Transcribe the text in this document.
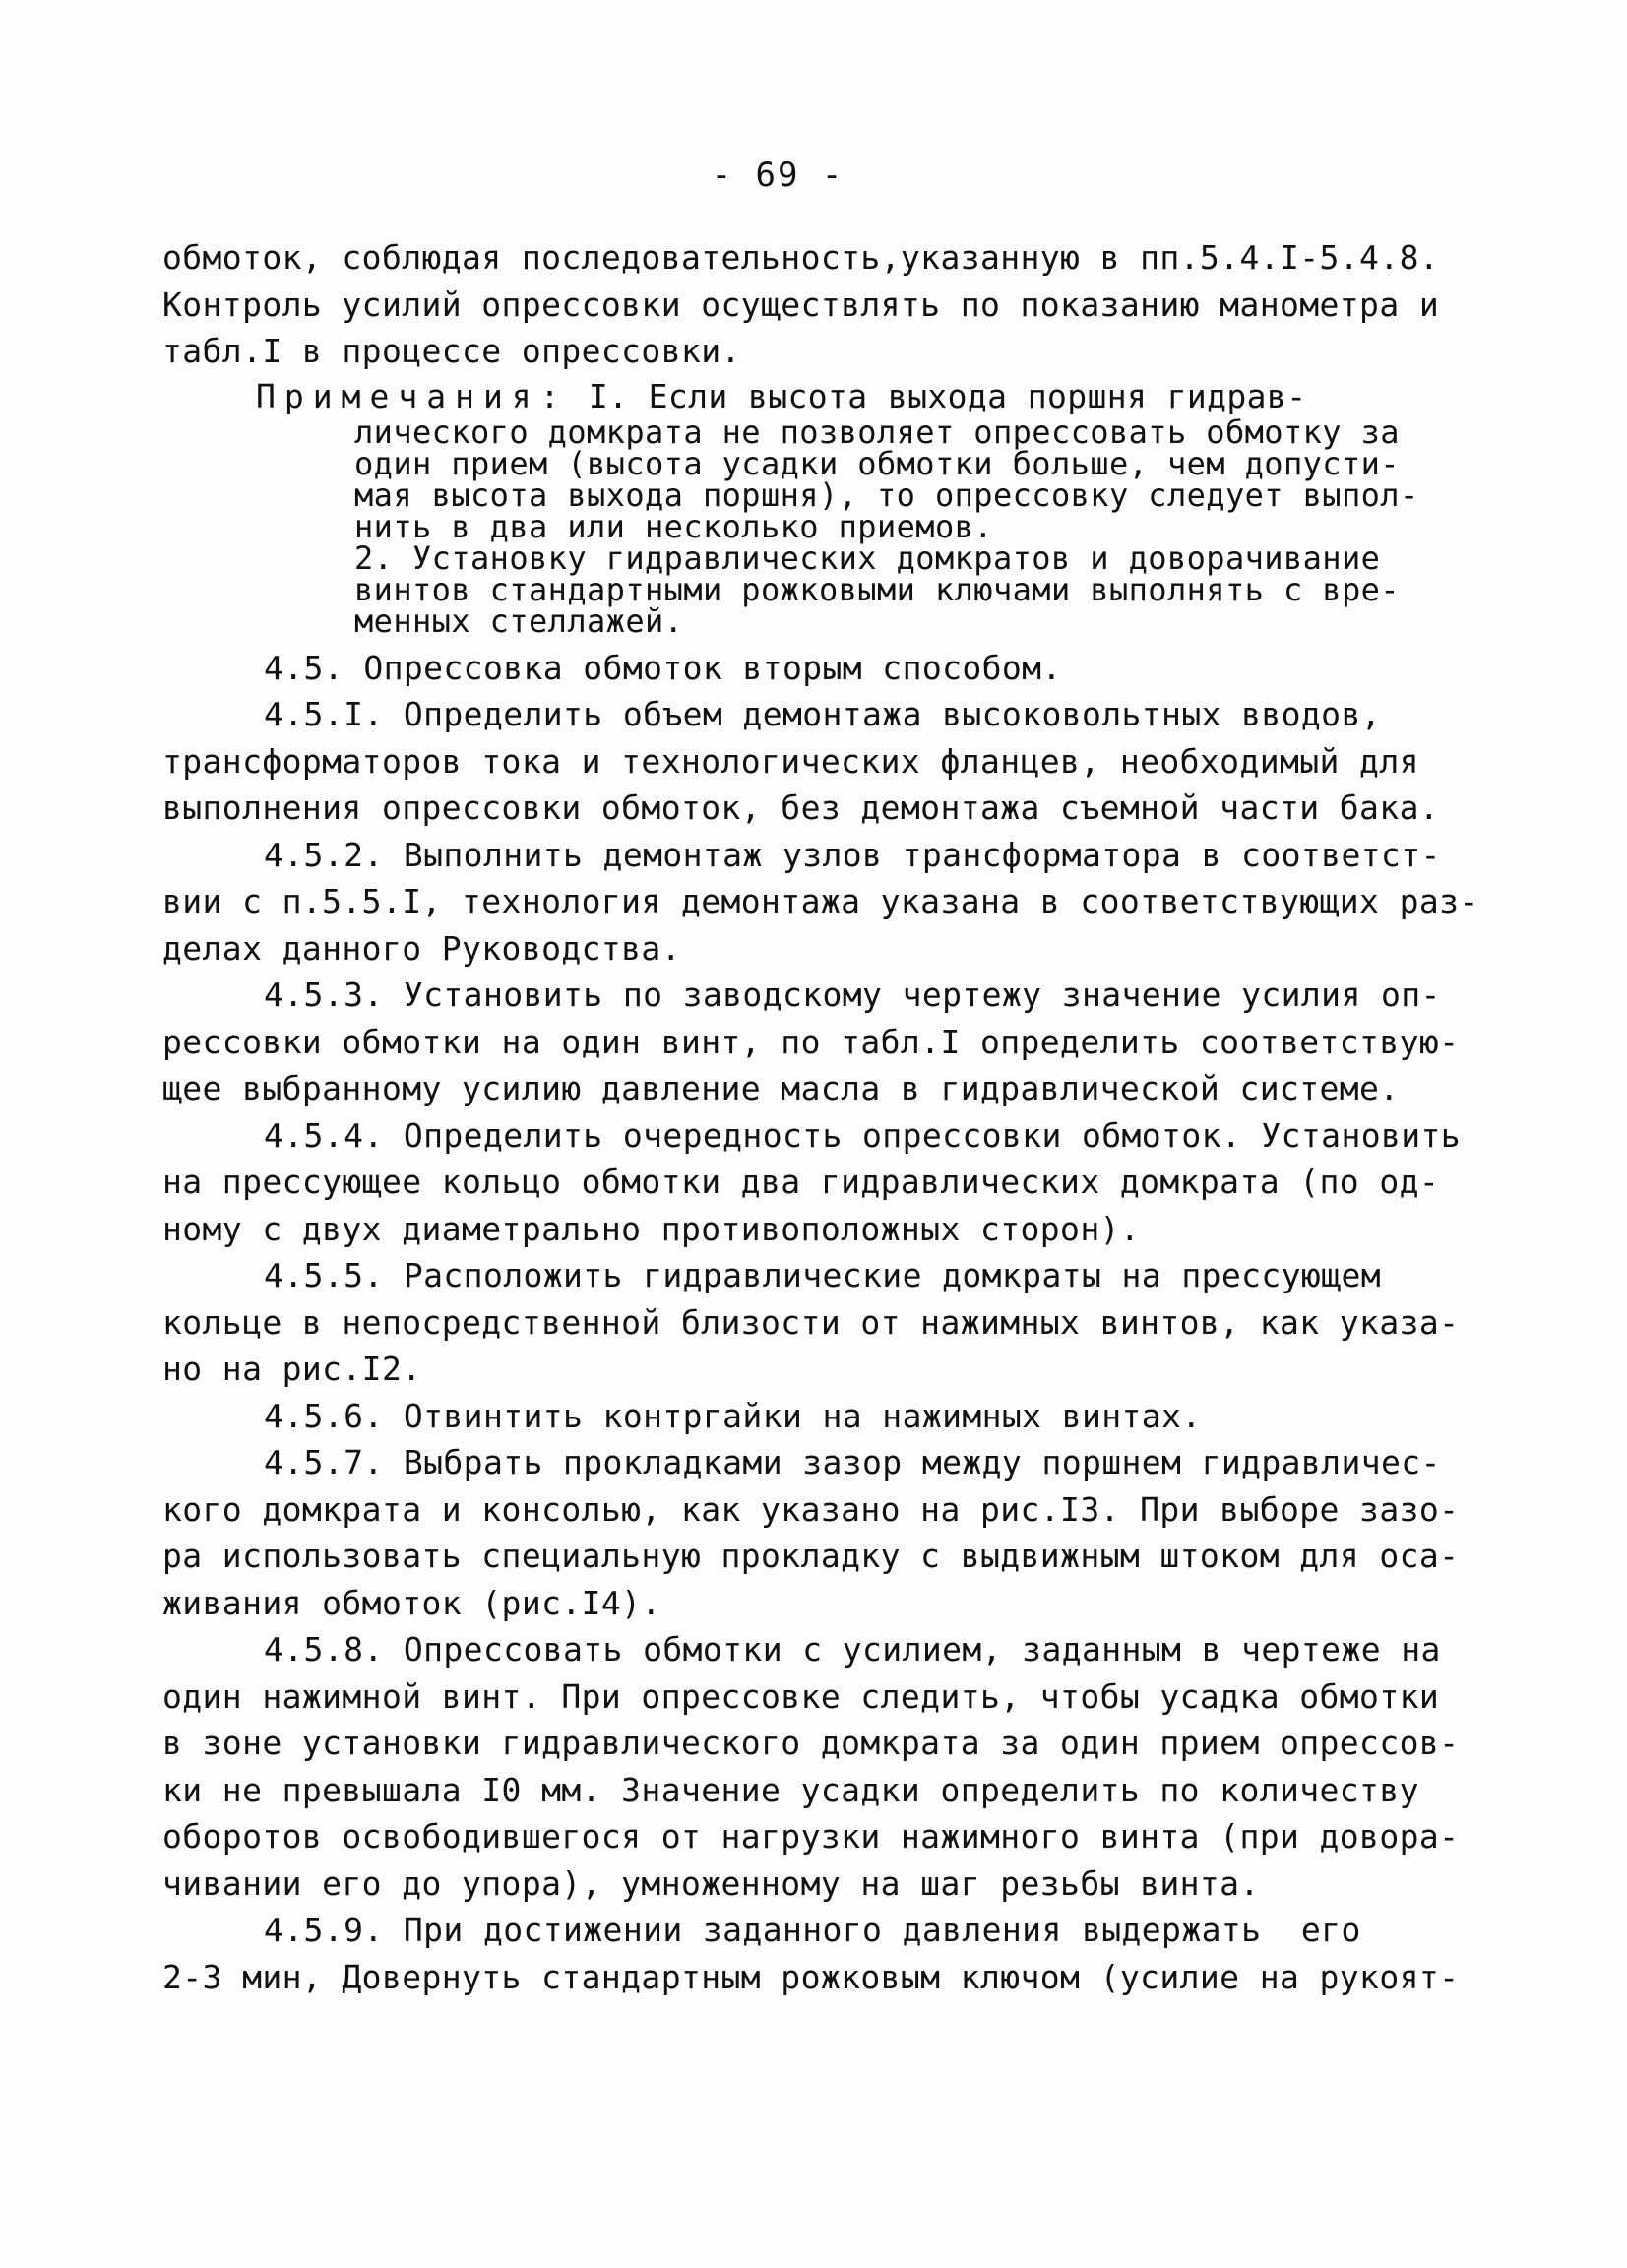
- 69 -
обмоток, соблюдая последовательность,указанную в пп.5.4.I-5.4.8.
Контроль усилий опрессовки осуществлять по показанию манометра и
табл.I в процессе опрессовки.
Примечания: I. Если высота выхода поршня гидрав-
лического домкрата не позволяет опрессовать обмотку за
один прием (высота усадки обмотки больше, чем допусти-
мая высота выхода поршня), то опрессовку следует выпол-
нить в два или несколько приемов.
2. Установку гидравлических домкратов и доворачивание
винтов стандартными рожковыми ключами выполнять с вре-
менных стеллажей.
4.5. Опрессовка обмоток вторым способом.
4.5.I. Определить объем демонтажа высоковольтных вводов,
трансформаторов тока и технологических фланцев, необходимый для
выполнения опрессовки обмоток, без демонтажа съемной части бака.
4.5.2. Выполнить демонтаж узлов трансформатора в соответст-
вии с п.5.5.I, технология демонтажа указана в соответствующих раз-
делах данного Руководства.
4.5.3. Установить по заводскому чертежу значение усилия оп-
рессовки обмотки на один винт, по табл.I определить соответствую-
щее выбранному усилию давление масла в гидравлической системе.
4.5.4. Определить очередность опрессовки обмоток. Установить
на прессующее кольцо обмотки два гидравлических домкрата (по од-
ному с двух диаметрально противоположных сторон).
4.5.5. Расположить гидравлические домкраты на прессующем
кольце в непосредственной близости от нажимных винтов, как указа-
но на рис.I2.
4.5.6. Отвинтить контргайки на нажимных винтах.
4.5.7. Выбрать прокладками зазор между поршнем гидравличес-
кого домкрата и консолью, как указано на рис.I3. При выборе зазо-
ра использовать специальную прокладку с выдвижным штоком для оса-
живания обмоток (рис.I4).
4.5.8. Опрессовать обмотки с усилием, заданным в чертеже на
один нажимной винт. При опрессовке следить, чтобы усадка обмотки
в зоне установки гидравлического домкрата за один прием опрессов-
ки не превышала I0 мм. Значение усадки определить по количеству
оборотов освободившегося от нагрузки нажимного винта (при довора-
чивании его до упора), умноженному на шаг резьбы винта.
4.5.9. При достижении заданного давления выдержать  его
2-3 мин, Довернуть стандартным рожковым ключом (усилие на рукоят-
